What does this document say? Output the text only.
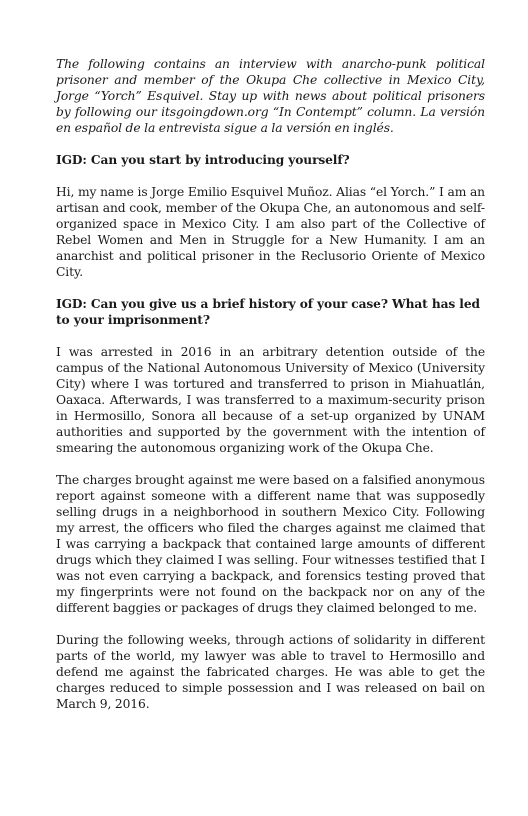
The following contains an interview with anarcho-punk political prisoner and member of the Okupa Che collective in Mexico City, Jorge “Yorch” Esquivel. Stay up with news about political prisoners by following our itsgoingdown.org “In Contempt” column. La versión en español de la entrevista sigue a la versión en inglés.

IGD: Can you start by introducing yourself?

Hi, my name is Jorge Emilio Esquivel Muñoz. Alias “el Yorch.” I am an artisan and cook, member of the Okupa Che, an autonomous and self-organized space in Mexico City. I am also part of the Collective of Rebel Women and Men in Struggle for a New Humanity. I am an anarchist and political prisoner in the Reclusorio Oriente of Mexico City.

IGD: Can you give us a brief history of your case? What has led to your imprisonment?

I was arrested in 2016 in an arbitrary detention outside of the campus of the National Autonomous University of Mexico (University City) where I was tortured and transferred to prison in Miahuatlán, Oaxaca. Afterwards, I was transferred to a maximum-security prison in Hermosillo, Sonora all because of a set-up organized by UNAM authorities and supported by the government with the intention of smearing the autonomous organizing work of the Okupa Che.

The charges brought against me were based on a falsified anonymous report against someone with a different name that was supposedly selling drugs in a neighborhood in southern Mexico City. Following my arrest, the officers who filed the charges against me claimed that I was carrying a backpack that contained large amounts of different drugs which they claimed I was selling. Four witnesses testified that I was not even carrying a backpack, and forensics testing proved that my fingerprints were not found on the backpack nor on any of the different baggies or packages of drugs they claimed belonged to me.

During the following weeks, through actions of solidarity in different parts of the world, my lawyer was able to travel to Hermosillo and defend me against the fabricated charges. He was able to get the charges reduced to simple possession and I was released on bail on March 9, 2016.
